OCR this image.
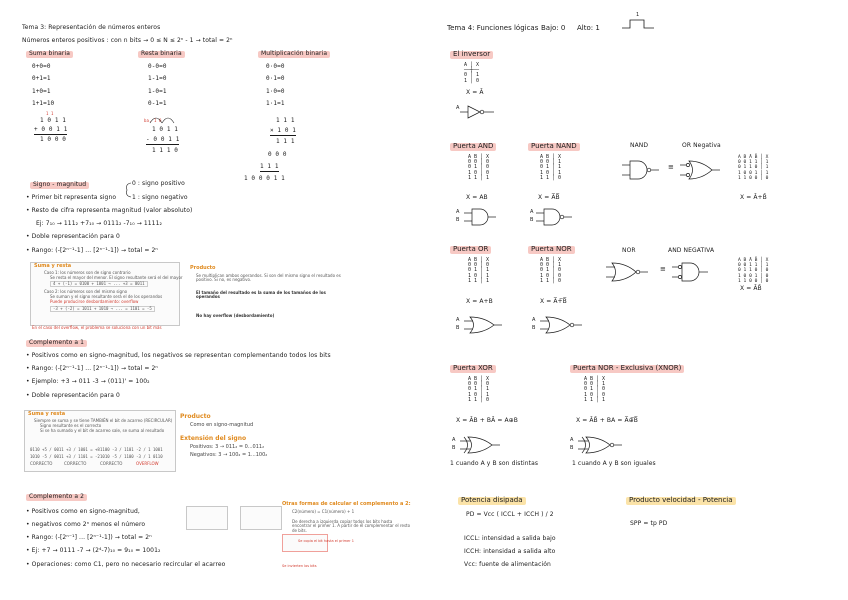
Tema 3: Representación de números enteros
Números enteros positivos : con n bits → 0 ≤ N ≤ 2ⁿ - 1 → total = 2ⁿ
Suma binaria
0+0=0
0+1=1
1+0=1
1+1=10
1 1
1 0 1 1
+ 0 0 1 1
1 0 0 0
Resta binaria
0-0=0
1-1=0
1-0=1
0-1=1
ba. 1 0
1 0 1 1
- 0 0 1 1
1 1 1 0
Multiplicación binaria
0·0=0
0·1=0
1·0=0
1·1=1
1 1 1
× 1 0 1
1 1 1
0 0 0
1 1 1
1 0 0 0 1 1
Signo - magnitud	0 : signo positivo
1 : signo negativo
• Primer bit representa signo
• Resto de cifra representa magnitud (valor absoluto)
Ej: 7₁₀ → 111₂ +7₁₀ → 0111₂ -7₁₀ → 1111₂
• Doble representación para 0
• Rango: (-[2ⁿ⁻¹-1] ... [2ⁿ⁻¹-1]) → total = 2ⁿ
Suma y resta
Caso 1: los números son de signo contrario
Se resta el mayor del menor. El signo resultante será el del mayor
4 + (-1) = 0100 + 1001 → ... +3 = 0011
Caso 2: los números son del mismo signo
Se suman y el signo resultante será el de los operandos
Puede producirse desbordamiento: overflow
-3 + (-2) = 1011 + 1010 → ... = 1101 = -5
En el caso del overflow, el problema se soluciona con un bit más
Producto
Se multiplican ambos operandos. Si son del mismo signo el resultado es positivo. Si no, es negativo.
El tamaño del resultado es la suma de los tamaños de los operandos
No hay overflow (desbordamiento)
Complemento a 1
• Positivos como en signo-magnitud, los negativos se representan complementando todos los bits
• Rango: (-[2ⁿ⁻¹-1] ... [2ⁿ⁻¹-1]) → total = 2ⁿ
• Ejemplo: +3 → 011 -3 → (011)' = 100₂
• Doble representación para 0
Suma y resta
Siempre se suma y se tiene TAMBIÉN el bit de acarreo (RECIRCULAR)
Signo resultante es el correcto
Si se ha sumado y el bit de acarreo sale, se suma al resultado
0110 +5 / 0011 +3 / 1001 = +8
1010 -5 / 0011 +3 / 1101 = -2
1100 -3 / 1101 -2 / 1 1001
1010 -5 / 1100 -3 / 1 0110
CORRECTO	CORRECTO	CORRECTO	OVERFLOW
Producto
Como en signo-magnitud
Extensión del signo
Positivos: 3 → 011₂ = 0...011₂
Negativos: 3 → 100₂ = 1...100₂
Complemento a 2
• Positivos como en signo-magnitud,
• negativos como 2ⁿ menos el número
• Rango: (-[2ⁿ⁻¹] ... [2ⁿ⁻¹-1]) → total = 2ⁿ
• Ej: +7 → 0111 -7 → (2⁴-7)₁₀ = 9₁₀ = 1001₂
• Operaciones: como C1, pero no necesario recircular el acarreo
Otras formas de calcular el complemento a 2:
C2(número) = C1(número) + 1
De derecha a izquierda copiar todos los bits hasta encontrar el primer 1. A partir de él complementar el resto de bits.
Se copia el bit hasta el primer 1
Se invierten los bits
Tema 4: Funciones lógicas Bajo: 0 Alto: 1
1
El inversor
A │ X
──┼──
0 │ 1
1 │ 0
X = Ā
A
Puerta AND
A B │ X
0 0 │ 0
0 1 │ 0
1 0 │ 0
1 1 │ 1
X = AB
A
B
Puerta NAND
A B │ X
0 0 │ 1
0 1 │ 1
1 0 │ 1
1 1 │ 0
X = A̅B̅
A
B
NAND	OR Negativa
≡
A B Ā B̄ │ X
0 0 1 1 │ 1
0 1 1 0 │ 1
1 0 0 1 │ 1
1 1 0 0 │ 0
X = Ā+B̄
Puerta OR
A B │ X
0 0 │ 0
0 1 │ 1
1 0 │ 1
1 1 │ 1
X = A+B
A
B
Puerta NOR
A B │ X
0 0 │ 1
0 1 │ 0
1 0 │ 0
1 1 │ 0
X = A̅+̅B̅
A
B
NOR	AND NEGATIVA
≡
A B Ā B̄ │ X
0 0 1 1 │ 1
0 1 1 0 │ 0
1 0 0 1 │ 0
1 1 0 0 │ 0
X = ĀB̄
Puerta XOR
A B │ X
0 0 │ 0
0 1 │ 1
1 0 │ 1
1 1 │ 0
X = ĀB + BĀ = A⊕B
A
B
1 cuando A y B son distintas
Puerta NOR - Exclusiva (XNOR)
A B │ X
0 0 │ 1
0 1 │ 0
1 0 │ 0
1 1 │ 1
X = ĀB̄ + BA = A̅⊕̅B̅
A
B
1 cuando A y B son iguales
Potencia disipada
PD = Vcc ( ICCL + ICCH ) / 2
ICCL: intensidad a salida bajo
ICCH: intensidad a salida alto
Vcc: fuente de alimentación
Producto velocidad - Potencia
SPP = tp PD
